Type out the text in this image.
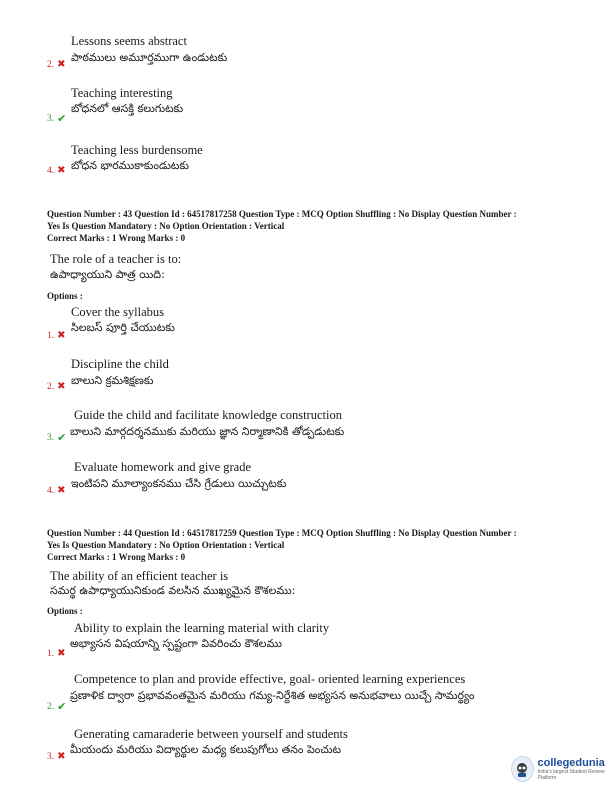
Lessons seems abstract
పాఠములు అమూర్తముగా ఉండుటకు
2. ✖
Teaching interesting
బోధనలో ఆసక్తి కలుగుటకు
3. ✔
Teaching less burdensome
బోధన భారముకాకుండుటకు
4. ✖
Question Number : 43 Question Id : 64517817258 Question Type : MCQ Option Shuffling : No Display Question Number :
Yes Is Question Mandatory : No Option Orientation : Vertical
Correct Marks : 1 Wrong Marks : 0
The role of a teacher is to:
ఉపాధ్యాయుని పాత్ర యిది:
Options :
Cover the syllabus
సిలబస్ పూర్తి చేయుటకు
1. ✖
Discipline the child
బాలుని క్రమశిక్షణకు
2. ✖
Guide the child and facilitate knowledge construction
బాలుని మార్గదర్శనముకు మరియు జ్ఞాన నిర్మాణానికి తోడ్పడుటకు
3. ✔
Evaluate homework and give grade
ఇంటిపని మూల్యాంకనము చేసి గ్రేడులు యిచ్చుటకు
4. ✖
Question Number : 44 Question Id : 64517817259 Question Type : MCQ Option Shuffling : No Display Question Number :
Yes Is Question Mandatory : No Option Orientation : Vertical
Correct Marks : 1 Wrong Marks : 0
The ability of an efficient teacher is
సమర్థ ఉపాధ్యాయునికుండ వలసిన ముఖ్యమైన కౌశలము:
Options :
Ability to explain the learning material with clarity
అభ్యాసన విషయాన్ని స్పష్టంగా వివరించు కౌశలము
1. ✖
Competence to plan and provide effective, goal- oriented learning experiences
ప్రణాళిక ద్వారా ప్రభావవంతమైన మరియు గమ్య-నిర్దేశిత అభ్యసన అనుభవాలు యిచ్చే సామర్థ్యం
2. ✔
Generating camaraderie between yourself and students
మీయందు మరియు విద్యార్థుల మధ్య కలుపుగోలు తనం పెంచుట
3. ✖
collegedunia
India's largest Student Review Platform
